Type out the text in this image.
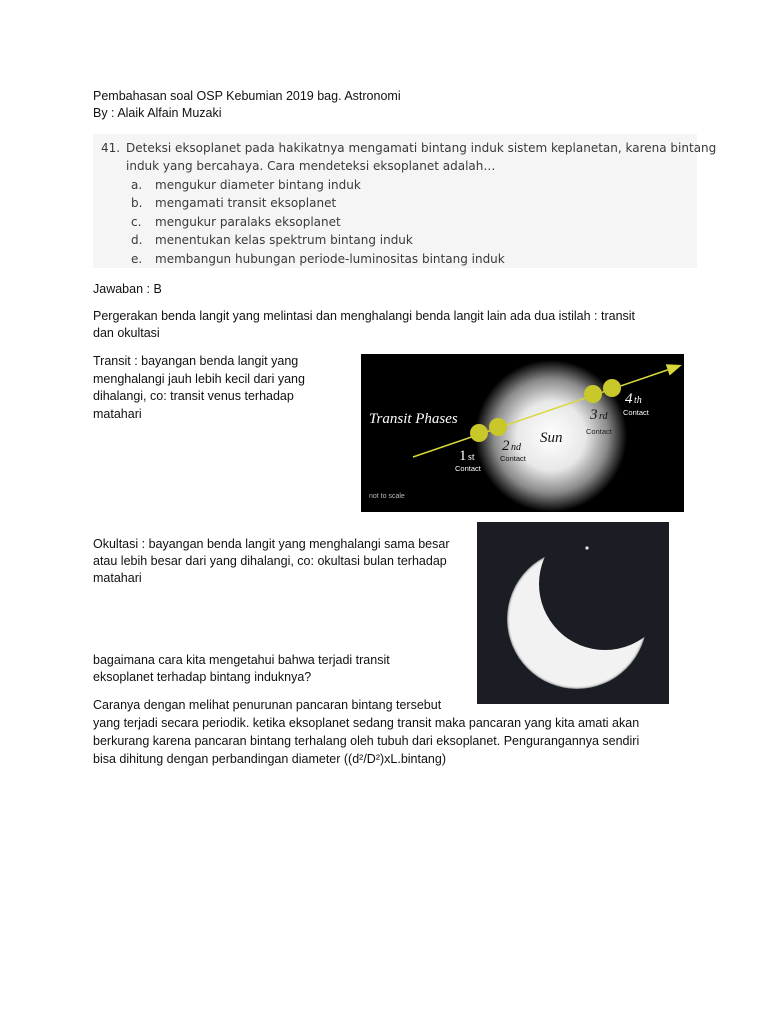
Pembahasan soal OSP Kebumian 2019 bag. Astronomi
By : Alaik Alfain Muzaki
41. Deteksi eksoplanet pada hakikatnya mengamati bintang induk sistem keplanetan, karena bintang
induk yang bercahaya. Cara mendeteksi eksoplanet adalah…
a. mengukur diameter bintang induk
b. mengamati transit eksoplanet
c. mengukur paralaks eksoplanet
d. menentukan kelas spektrum bintang induk
e. membangun hubungan periode-luminositas bintang induk
Jawaban : B
Pergerakan benda langit yang melintasi dan menghalangi benda langit lain ada dua istilah : transit
dan okultasi
Transit : bayangan benda langit yang
menghalangi jauh lebih kecil dari yang
dihalangi, co: transit venus terhadap
matahari	Transit Phases
Sun
1 st
Contact
2 nd
Contact
3 rd
Contact
4 th
Contact
not to scale
Okultasi : bayangan benda langit yang menghalangi sama besar
atau lebih besar dari yang dihalangi, co: okultasi bulan terhadap
matahari
bagaimana cara kita mengetahui bahwa terjadi transit
eksoplanet terhadap bintang induknya?
Caranya dengan melihat penurunan pancaran bintang tersebut
yang terjadi secara periodik. ketika eksoplanet sedang transit maka pancaran yang kita amati akan
berkurang karena pancaran bintang terhalang oleh tubuh dari eksoplanet. Pengurangannya sendiri
bisa dihitung dengan perbandingan diameter ((d²/D²)xL.bintang)
